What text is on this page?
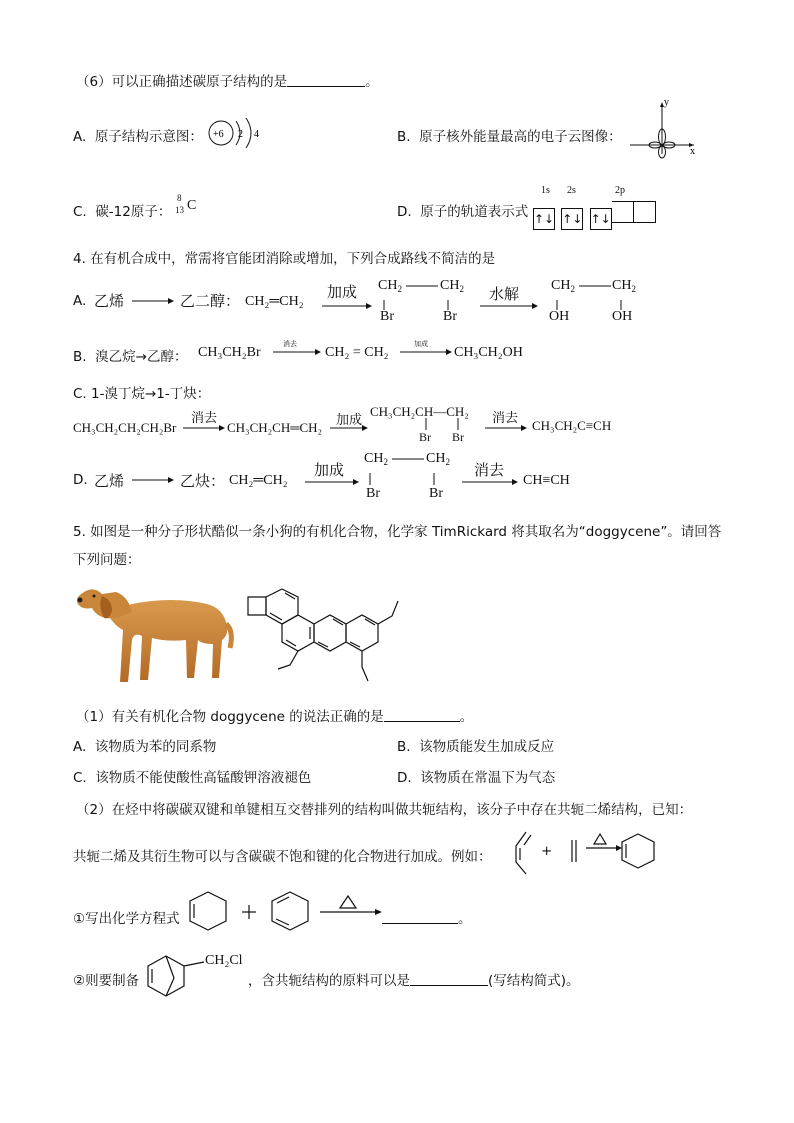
（6）可以正确描述碳原子结构的是	。
A. 原子结构示意图： +6 2 4	B. 原子核外能量最高的电子云图像：
y
x
C. 碳-12原子：
8
13 C	D. 原子的轨道表示式
1s 2s	2p
↑↓ ↑↓ ↑↓
4. 在有机合成中，常需将官能团消除或增加，下列合成路线不简洁的是
A. 乙烯	乙二醇： CH₂═CH₂
加成 $CH_2$	$CH_2$
Br	Br
水解
$CH_2$	$CH_2$
OH	OH
B. 溴乙烷→乙醇： CH₃CH₂Br
消去
CH₂ = CH₂
加成
CH₃CH₂OH
C. 1-溴丁烷→1-丁炔：
CH₃CH₂CH₂CH₂Br
消去
CH₃CH₂CH═CH₂
加成
CH₃CH₂CH—CH₂
Br Br
消去
CH₃CH₂C≡CH
D. 乙烯	乙炔： CH₂═CH₂
加成
$CH_2$	$CH_2$
Br	Br
消去
CH≡CH
5. 如图是一种分子形状酷似一条小狗的有机化合物，化学家 TimRickard 将其取名为“doggycene”。请回答
下列问题：
（1）有关有机化合物 doggycene 的说法正确的是	。
A. 该物质为苯的同系物	B. 该物质能发生加成反应
C. 该物质不能使酸性高锰酸钾溶液褪色	D. 该物质在常温下为气态
（2）在烃中将碳碳双键和单键相互交替排列的结构叫做共轭结构，该分子中存在共轭二烯结构，已知：
共轭二烯及其衍生物可以与含碳碳不饱和键的化合物进行加成。例如：	+
①写出化学方程式	。
②则要制备
CH₂Cl
，含共轭结构的原料可以是	(写结构简式)。
